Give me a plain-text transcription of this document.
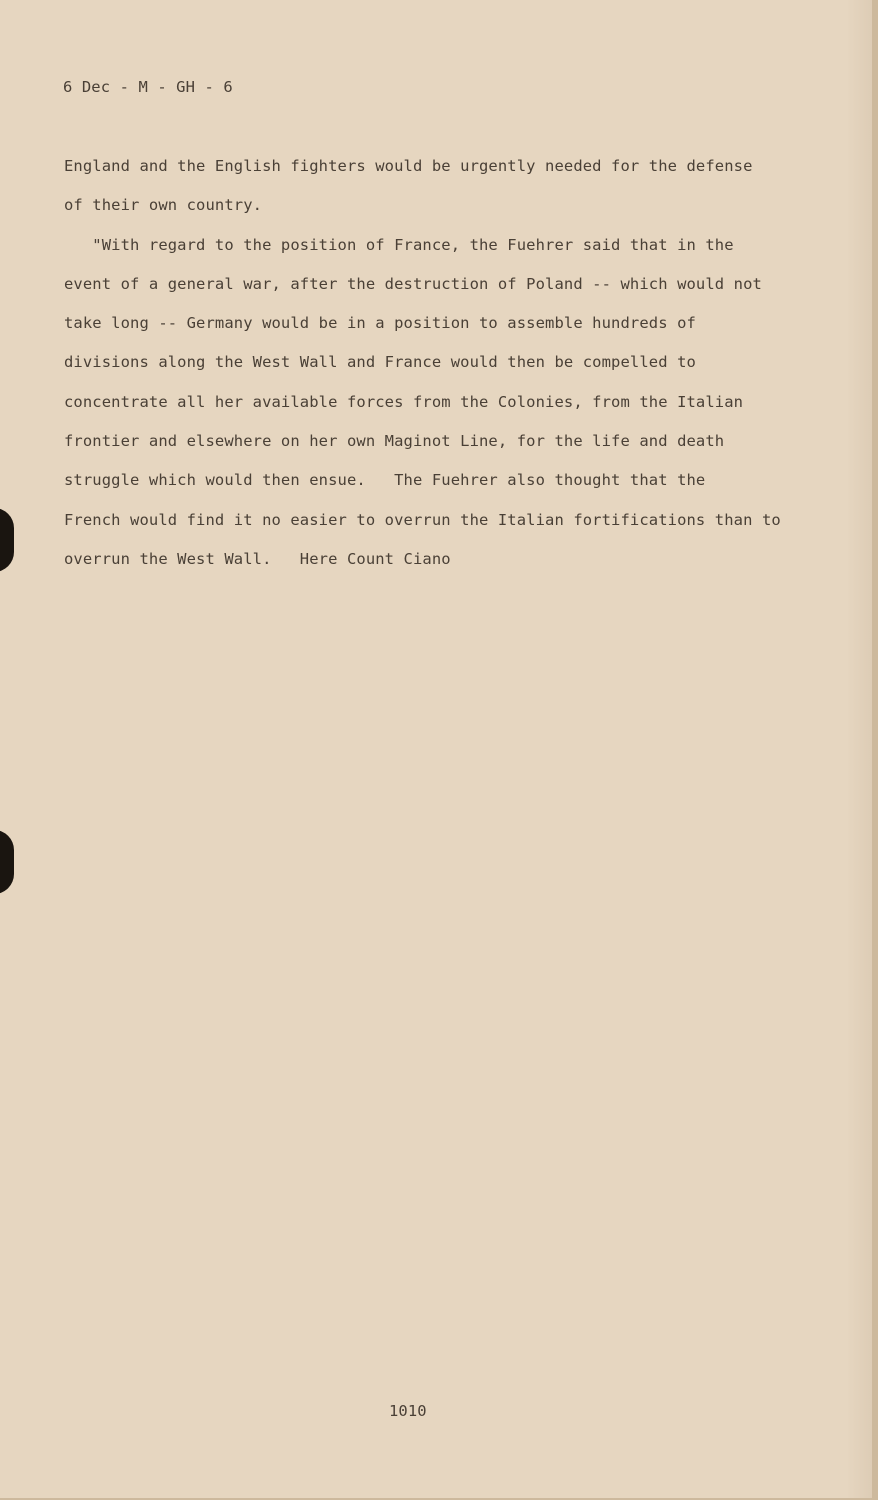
6 Dec - M - GH - 6
England and the English fighters would be urgently needed for the defense
of their own country.
"With regard to the position of France, the Fuehrer said that in the
event of a general war, after the destruction of Poland -- which would not
take long -- Germany would be in a position to assemble hundreds of
divisions along the West Wall and France would then be compelled to
concentrate all her available forces from the Colonies, from the Italian
frontier and elsewhere on her own Maginot Line, for the life and death
struggle which would then ensue.   The Fuehrer also thought that the
French would find it no easier to overrun the Italian fortifications than to
overrun the West Wall.   Here Count Ciano
1010
